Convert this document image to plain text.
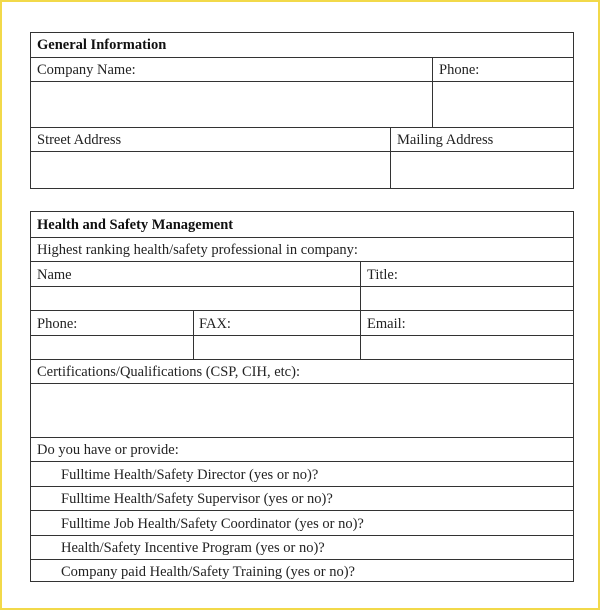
General Information
Company Name:	Phone:
Street Address	Mailing Address
Health and Safety Management
Highest ranking health/safety professional in company:
Name	Title:
Phone:	FAX:	Email:
Certifications/Qualifications (CSP, CIH, etc):
Do you have or provide:
Fulltime Health/Safety Director (yes or no)?
Fulltime Health/Safety Supervisor (yes or no)?
Fulltime Job Health/Safety Coordinator (yes or no)?
Health/Safety Incentive Program (yes or no)?
Company paid Health/Safety Training (yes or no)?
